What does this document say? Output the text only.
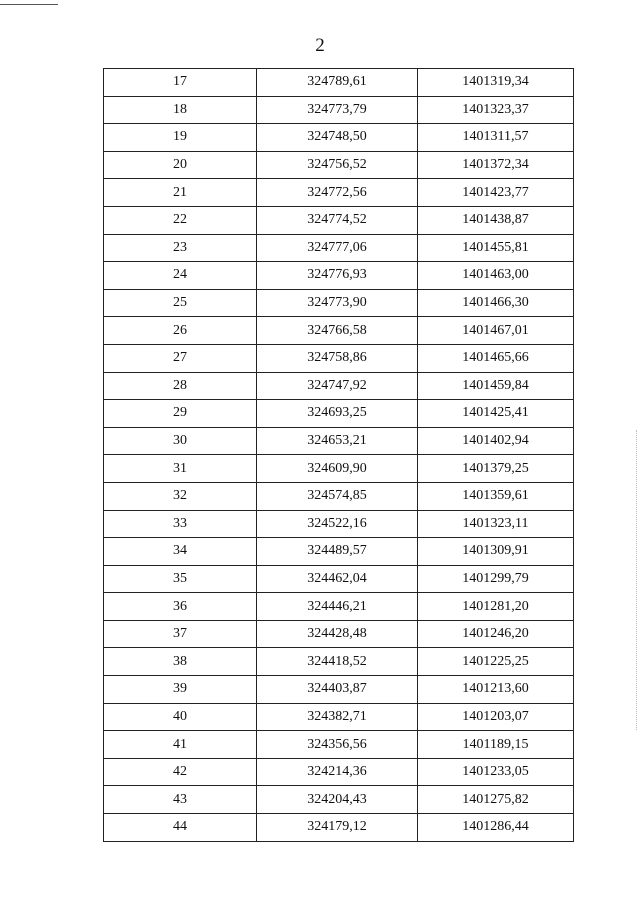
2
17	324789,61	1401319,34
18	324773,79	1401323,37
19	324748,50	1401311,57
20	324756,52	1401372,34
21	324772,56	1401423,77
22	324774,52	1401438,87
23	324777,06	1401455,81
24	324776,93	1401463,00
25	324773,90	1401466,30
26	324766,58	1401467,01
27	324758,86	1401465,66
28	324747,92	1401459,84
29	324693,25	1401425,41
30	324653,21	1401402,94
31	324609,90	1401379,25
32	324574,85	1401359,61
33	324522,16	1401323,11
34	324489,57	1401309,91
35	324462,04	1401299,79
36	324446,21	1401281,20
37	324428,48	1401246,20
38	324418,52	1401225,25
39	324403,87	1401213,60
40	324382,71	1401203,07
41	324356,56	1401189,15
42	324214,36	1401233,05
43	324204,43	1401275,82
44	324179,12	1401286,44
